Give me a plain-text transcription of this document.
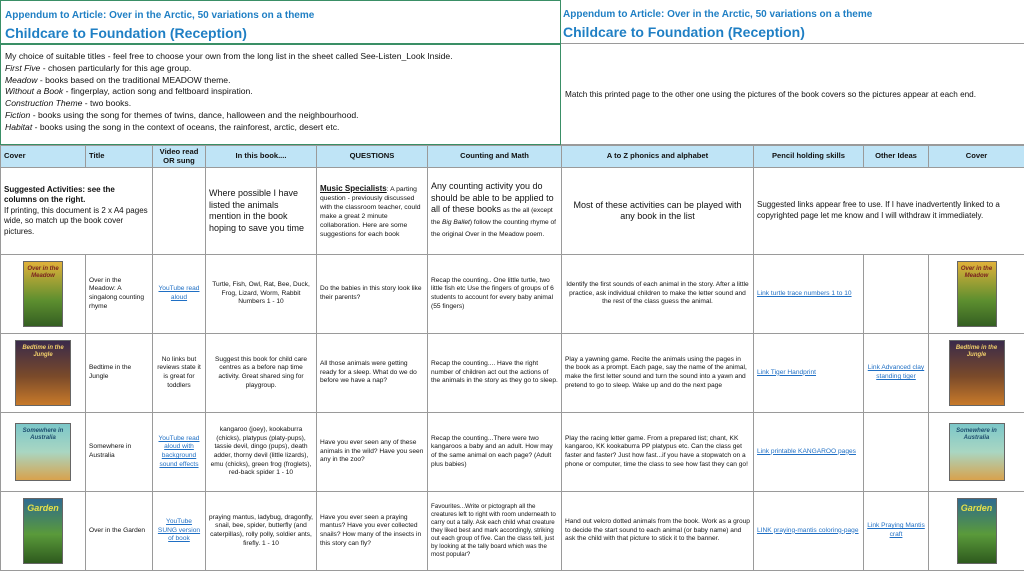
Appendum to Article: Over in the Arctic, 50 variations on a theme
Childcare to Foundation (Reception)
Appendum to Article: Over in the Arctic, 50 variations on a theme
Childcare to Foundation (Reception)
My choice of suitable titles - feel free to choose your own from the long list in the sheet called See-Listen_Look Inside.
First Five - chosen particularly for this age group.
Meadow - books based on the traditional MEADOW theme.
Without a Book - fingerplay, action song and feltboard inspiration.
Construction Theme - two books.
Fiction - books using the song for themes of twins, dance, halloween and the neighbourhood.
Habitat - books using the song in the context of oceans, the rainforest, arctic, desert etc.
Match this printed page to the other one using the pictures of the book covers so the pictures appear at each end.
Cover	Title	Video read OR sung	In this book....	QUESTIONS	Counting and Math	A to Z phonics and alphabet	Pencil holding skills	Other Ideas	Cover
Suggested Activities: see the columns on the right.
If printing, this document is 2 x A4 pages wide, so match up the book cover pictures.			Where possible I have listed the animals mention in the book hoping to save you time	Music Specialists: A parting question - previously discussed with the classroom teacher, could make a great 2 minute collaboration. Here are some suggestions for each book	Any counting activity you do should be able to be applied to all of these books as the all (except the Big Ballet) follow the counting rhyme of the original Over in the Meadow poem.	Most of these activities can be played with any book in the list	Suggested links appear free to use. If I have inadvertently linked to a copyrighted page let me know and I will withdraw it immediately.		

Over in the Meadow	Over in the Meadow: A singalong counting rhyme	YouTube read aloud	Turtle, Fish, Owl, Rat, Bee, Duck, Frog, Lizard, Worm, Rabbit Numbers 1 - 10	Do the babies in this story look like their parents?	Recap the counting.. One little turtle, two little fish etc Use the fingers of groups of 6 students to account for every baby animal (55 fingers)	Identify the first sounds of each animal in the story. After a little practice, ask individual children to make the letter sound and the rest of the class guess the animal.	Link turtle trace numbers 1 to 10		Over in the Meadow

Bedtime in the Jungle	Bedtime in the Jungle	No links but reviews state it is great for toddlers	Suggest this book for child care centres as a before nap time activity. Great shared sing for playgroup.	All those animals were getting ready for a sleep. What do we do before we have a nap?	Recap the counting.... Have the right number of children act out the actions of the animals in the story as they go to sleep.	Play a yawning game. Recite the animals using the pages in the book as a prompt. Each page, say the name of the animal, make the first letter sound and turn the sound into a yawn and pretend to go to sleep. Wake up and do the next page	Link Tiger Handprint	Link Advanced clay standing tiger	Bedtime in the Jungle

Somewhere in Australia	Somewhere in Australia	YouTube read aloud with background sound effects	kangaroo (joey), kookaburra (chicks), platypus (platy-pups), tassie devil, dingo (pups), death adder, thorny devil (little lizards), emu (chicks), green frog (froglets), red-back spider 1 - 10	Have you ever seen any of these animals in the wild? Have you seen any in the zoo?	Recap the counting...There were two kangaroos a baby and an adult. How may of the same animal on each page? (Adult plus babies)	Play the racing letter game. From a prepared list; chant, KK kangaroo, KK kookaburra PP platypus etc. Can the class get faster and faster? Just how fast...if you have a stopwatch on a phone or computer, time the class to see how fast they can go!	Link printable KANGAROO pages		Somewhere in Australia

Garden	Over in the Garden	YouTube SUNG version of book	praying mantus, ladybug, dragonfly, snail, bee, spider, butterfly (and caterpillas), rolly polly, soldier ants, firefly. 1 - 10	Have you ever seen a praying mantus? Have you ever collected snails? How many of the insects in this story can fly?	Favourites...Write or pictograph all the creatures left to right with room underneath to carry out a tally. Ask each child what creature they liked best and mark accordingly, striking out each group of five. Can the class tell, just by looking at the tally board which was the most popular?	Hand out velcro dotted animals from the book. Work as a group to decide the start sound to each animal (or baby name) and ask the child with that picture to stick it to the banner.	LINK praying-mantis coloring-page	Link Praying Mantis craft	Garden
